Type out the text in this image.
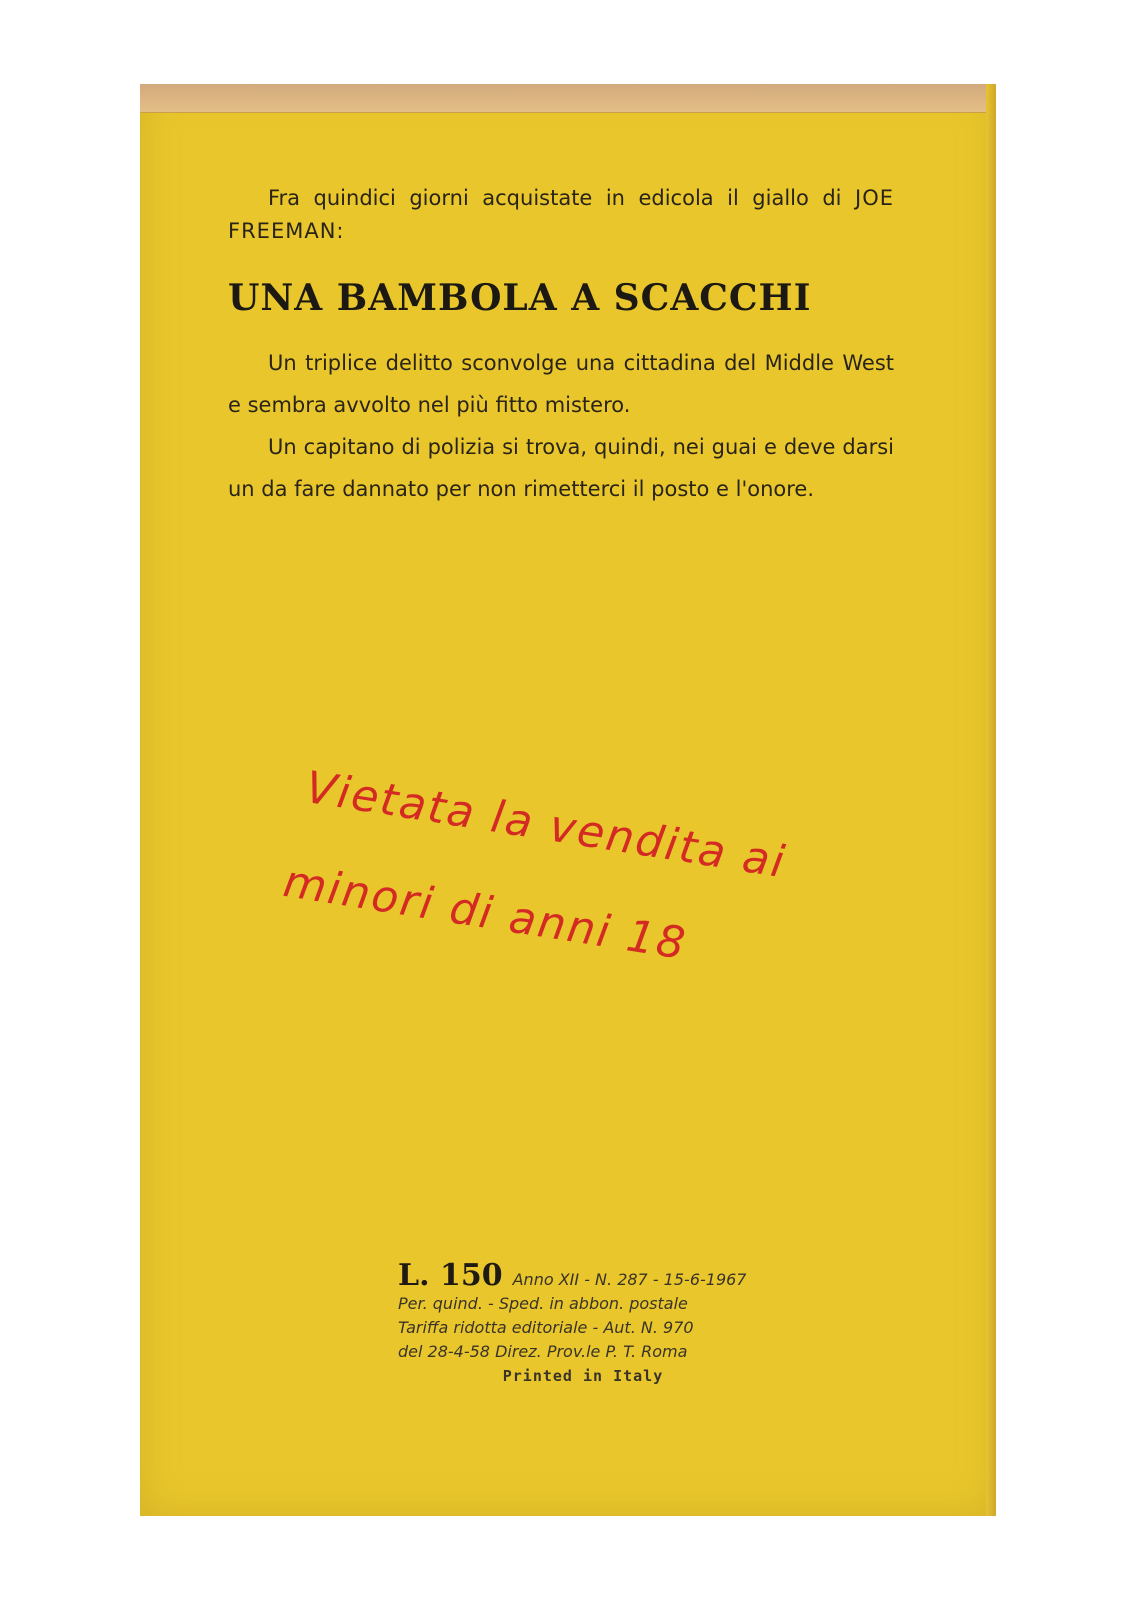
Fra quindici giorni acquistate in edicola il giallo di JOE FREEMAN:

UNA BAMBOLA A SCACCHI

Un triplice delitto sconvolge una cittadina del Middle West e sembra avvolto nel più fitto mistero.

Un capitano di polizia si trova, quindi, nei guai e deve darsi un da fare dannato per non rimetterci il posto e l'onore.

Vietata la vendita ai
minori di anni 18
L. 150 Anno XII - N. 287 - 15-6-1967
Per. quind. - Sped. in abbon. postale
Tariffa ridotta editoriale - Aut. N. 970
del 28-4-58 Direz. Prov.le P. T. Roma
Printed in Italy
